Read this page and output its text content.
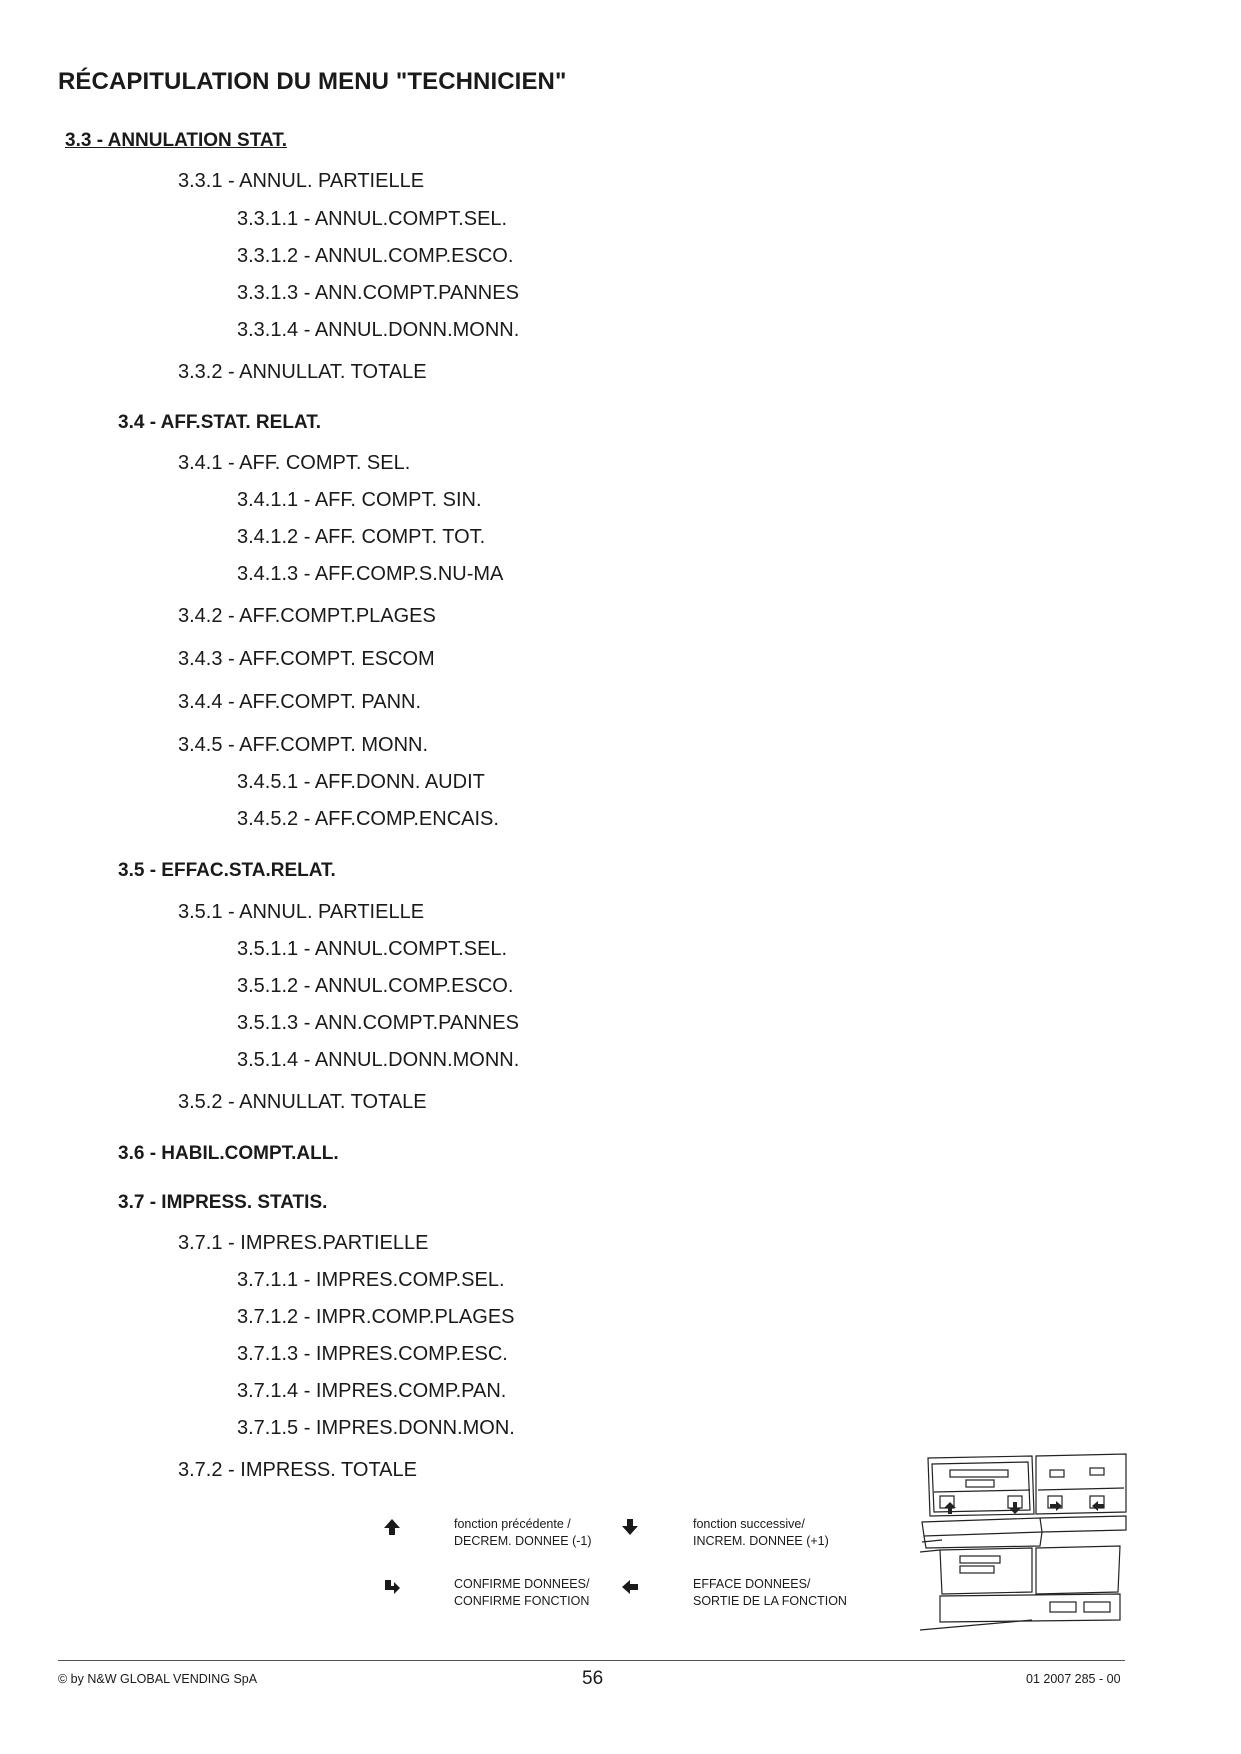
RÉCAPITULATION DU MENU "TECHNICIEN"
3.3 - ANNULATION STAT.
3.3.1 - ANNUL. PARTIELLE
3.3.1.1 - ANNUL.COMPT.SEL.
3.3.1.2 - ANNUL.COMP.ESCO.
3.3.1.3 - ANN.COMPT.PANNES
3.3.1.4 - ANNUL.DONN.MONN.
3.3.2 - ANNULLAT. TOTALE
3.4 - AFF.STAT. RELAT.
3.4.1 - AFF. COMPT. SEL.
3.4.1.1 - AFF. COMPT. SIN.
3.4.1.2 - AFF. COMPT. TOT.
3.4.1.3 - AFF.COMP.S.NU-MA
3.4.2 - AFF.COMPT.PLAGES
3.4.3 - AFF.COMPT. ESCOM
3.4.4 - AFF.COMPT. PANN.
3.4.5 - AFF.COMPT. MONN.
3.4.5.1 - AFF.DONN. AUDIT
3.4.5.2 - AFF.COMP.ENCAIS.
3.5 - EFFAC.STA.RELAT.
3.5.1 - ANNUL. PARTIELLE
3.5.1.1 - ANNUL.COMPT.SEL.
3.5.1.2 - ANNUL.COMP.ESCO.
3.5.1.3 - ANN.COMPT.PANNES
3.5.1.4 - ANNUL.DONN.MONN.
3.5.2 - ANNULLAT. TOTALE
3.6 - HABIL.COMPT.ALL.
3.7 - IMPRESS. STATIS.
3.7.1 - IMPRES.PARTIELLE
3.7.1.1 - IMPRES.COMP.SEL.
3.7.1.2 - IMPR.COMP.PLAGES
3.7.1.3 - IMPRES.COMP.ESC.
3.7.1.4 - IMPRES.COMP.PAN.
3.7.1.5 - IMPRES.DONN.MON.
3.7.2 - IMPRESS. TOTALE
fonction précédente /
DECREM. DONNEE (-1)
fonction successive/
INCREM. DONNEE (+1)
CONFIRME DONNEES/
CONFIRME FONCTION
EFFACE DONNEES/
SORTIE DE LA FONCTION
© by N&W GLOBAL VENDING SpA	56	01 2007 285 - 00
